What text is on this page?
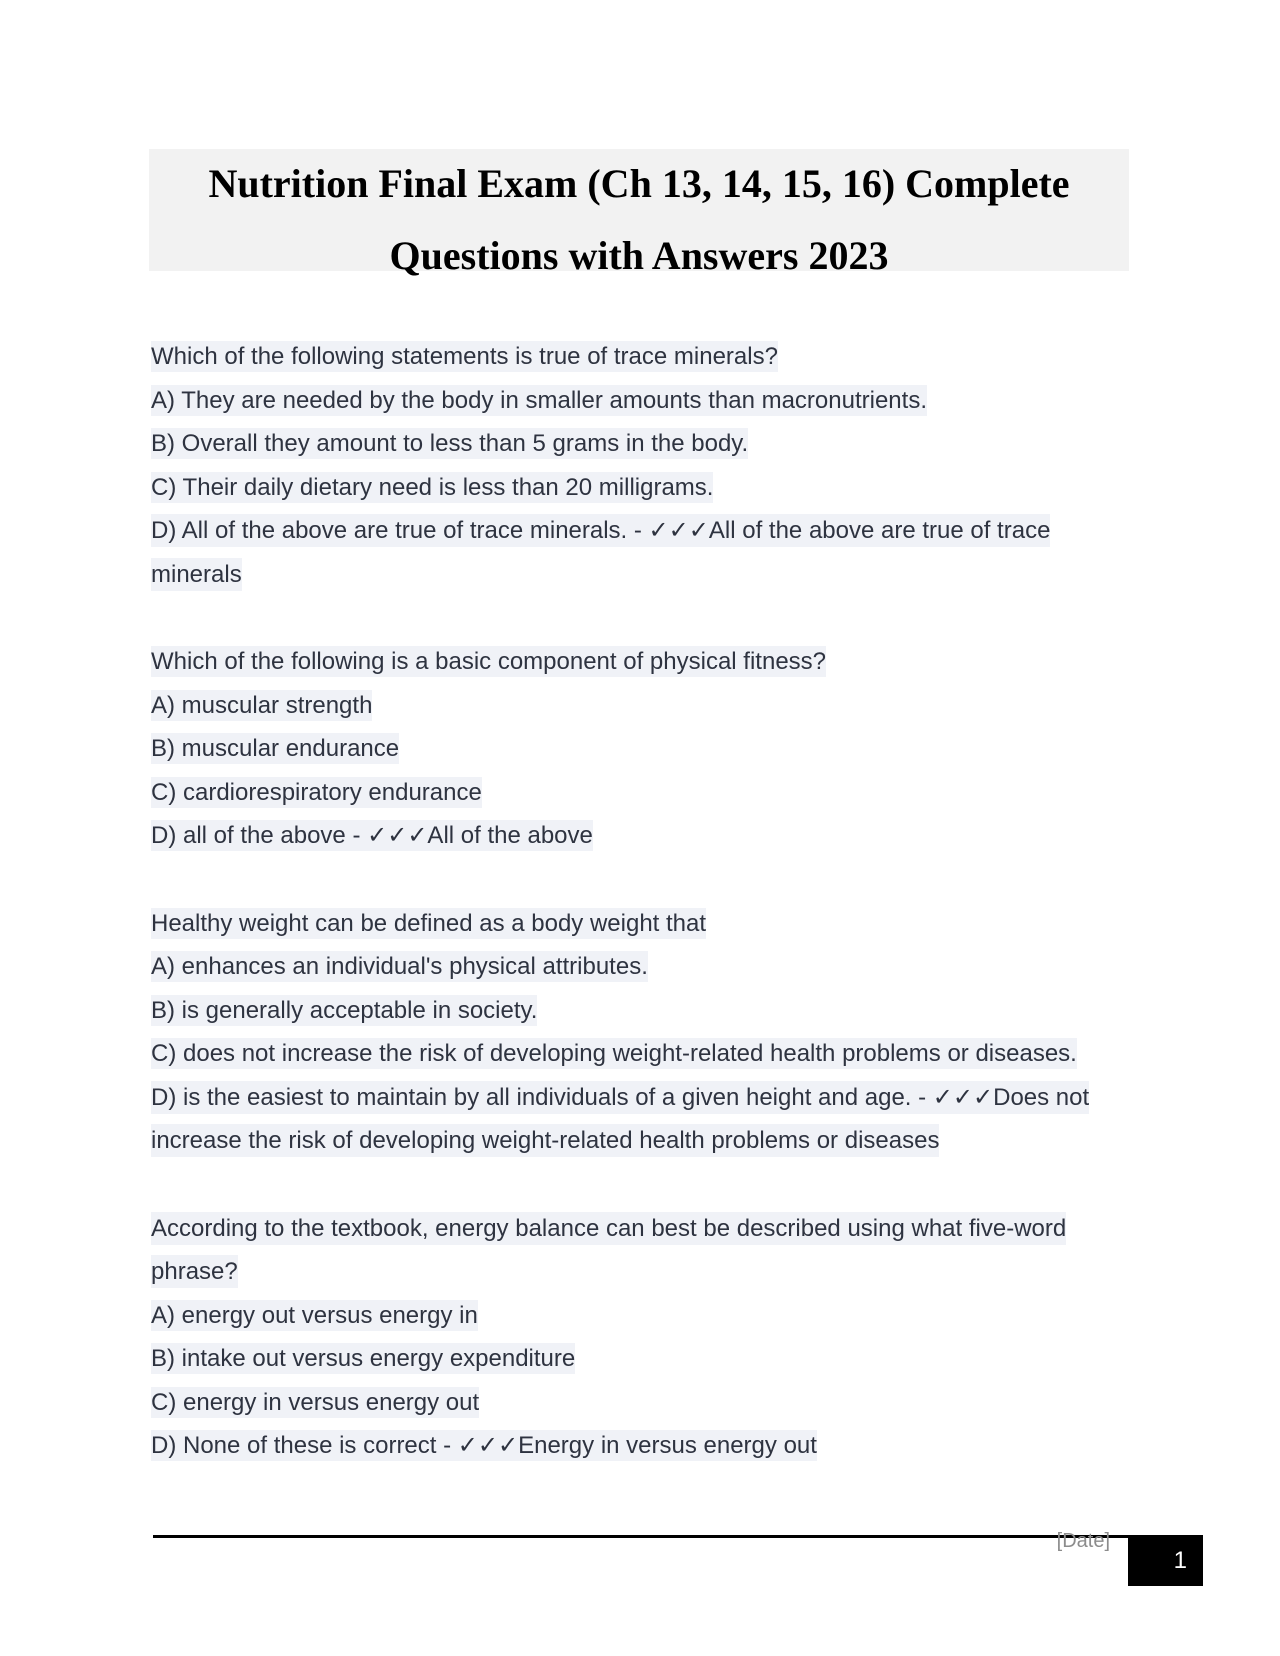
Nutrition Final Exam (Ch 13, 14, 15, 16) Complete
Questions with Answers 2023
Which of the following statements is true of trace minerals?
A) They are needed by the body in smaller amounts than macronutrients.
B) Overall they amount to less than 5 grams in the body.
C) Their daily dietary need is less than 20 milligrams.
D) All of the above are true of trace minerals. - ✓✓✓All of the above are true of trace minerals
Which of the following is a basic component of physical fitness?
A) muscular strength
B) muscular endurance
C) cardiorespiratory endurance
D) all of the above - ✓✓✓All of the above
Healthy weight can be defined as a body weight that
A) enhances an individual's physical attributes.
B) is generally acceptable in society.
C) does not increase the risk of developing weight-related health problems or diseases.
D) is the easiest to maintain by all individuals of a given height and age. - ✓✓✓Does not increase the risk of developing weight-related health problems or diseases
According to the textbook, energy balance can best be described using what five-word phrase?
A) energy out versus energy in
B) intake out versus energy expenditure
C) energy in versus energy out
D) None of these is correct - ✓✓✓Energy in versus energy out
[Date]
1
